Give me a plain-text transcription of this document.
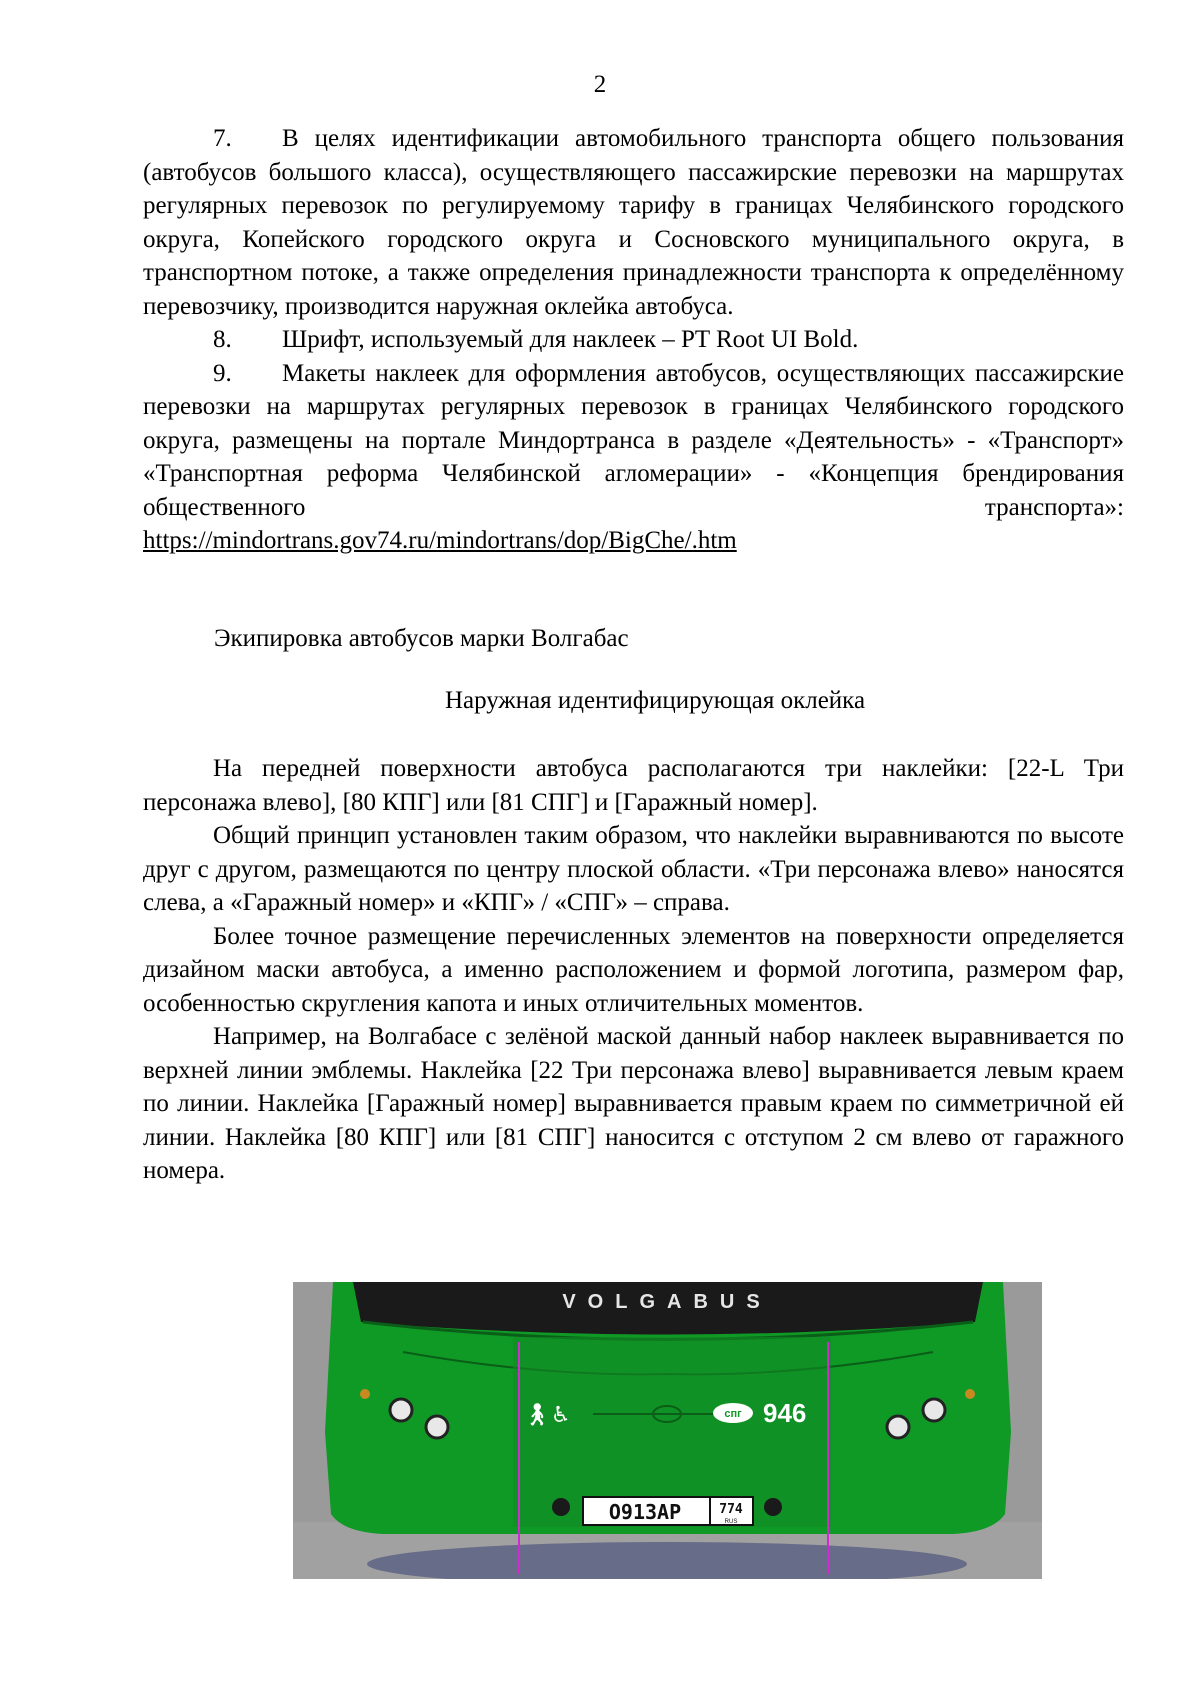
2

7. В целях идентификации автомобильного транспорта общего пользования (автобусов большого класса), осуществляющего пассажирские перевозки на маршрутах регулярных перевозок по регулируемому тарифу в границах Челябинского городского округа, Копейского городского округа и Сосновского муниципального округа, в транспортном потоке, а также определения принадлежности транспорта к определённому перевозчику, производится наружная оклейка автобуса.

8. Шрифт, используемый для наклеек – PT Root UI Bold.

9. Макеты наклеек для оформления автобусов, осуществляющих пассажирские перевозки на маршрутах регулярных перевозок в границах Челябинского городского округа, размещены на портале Миндортранса в разделе «Деятельность» - «Транспорт» «Транспортная реформа Челябинской агломерации» - «Концепция брендирования общественного транспорта»:

https://mindortrans.gov74.ru/mindortrans/dop/BigChe/.htm

Экипировка автобусов марки Волгабас

Наружная идентифицирующая оклейка

На передней поверхности автобуса располагаются три наклейки: [22-L Три персонажа влево], [80 КПГ] или [81 СПГ] и [Гаражный номер].

Общий принцип установлен таким образом, что наклейки выравниваются по высоте друг с другом, размещаются по центру плоской области. «Три персонажа влево» наносятся слева, а «Гаражный номер» и «КПГ» / «СПГ» – справа.

Более точное размещение перечисленных элементов на поверхности определяется дизайном маски автобуса, а именно расположением и формой логотипа, размером фар, особенностью скругления капота и иных отличительных моментов.

Например, на Волгабасе с зелёной маской данный набор наклеек выравнивается по верхней линии эмблемы. Наклейка [22 Три персонажа влево] выравнивается левым краем по линии. Наклейка [Гаражный номер] выравнивается правым краем по симметричной ей линии. Наклейка [80 КПГ] или [81 СПГ] наносится с отступом 2 см влево от гаражного номера.

VOLGABUS
🚶︎♿︎	спг 946
О913АР	774
RUS
